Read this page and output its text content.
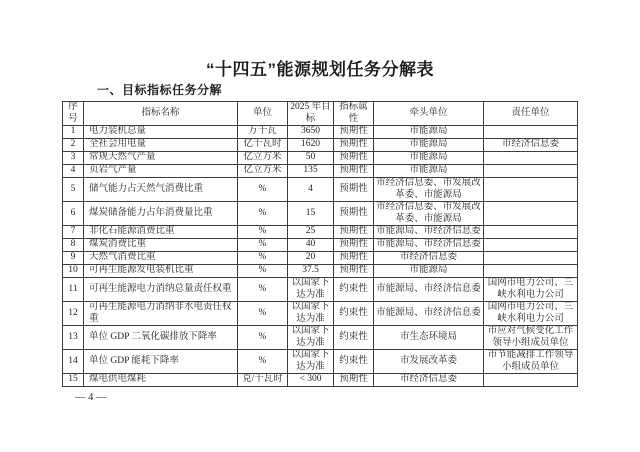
“十四五”能源规划任务分解表
一、目标指标任务分解
序号	指标名称	单位	2025 年目标	指标属性	牵头单位	责任单位
1	电力装机总量	万千瓦	3650	预期性	市能源局	
2	全社会用电量	亿千瓦时	1620	预期性	市能源局	市经济信息委
3	常规天然气产量	亿立方米	50	预期性	市能源局	
4	页岩气产量	亿立方米	135	预期性	市能源局	
5	储气能力占天然气消费比重	%	4	预期性	市经济信息委、市发展改革委、市能源局	
6	煤炭储备能力占年消费量比重	%	15	预期性	市经济信息委、市发展改革委、市能源局	
7	非化石能源消费比重	%	25	预期性	市能源局、市经济信息委	
8	煤炭消费比重	%	40	预期性	市能源局、市经济信息委	
9	天然气消费比重	%	20	预期性	市经济信息委	
10	可再生能源发电装机比重	%	37.5	预期性	市能源局	
11	可再生能源电力消纳总量责任权重	%	以国家下达为准	约束性	市能源局、市经济信息委	国网市电力公司、三峡水利电力公司
12	可再生能源电力消纳非水电责任权重	%	以国家下达为准	约束性	市能源局、市经济信息委	国网市电力公司、三峡水利电力公司
13	单位 GDP 二氧化碳排放下降率	%	以国家下达为准	约束性	市生态环境局	市应对气候变化工作领导小组成员单位
14	单位 GDP 能耗下降率	%	以国家下达为准	约束性	市发展改革委	市节能减排工作领导小组成员单位
15	煤电供电煤耗	克/千瓦时	< 300	预期性	市经济信息委	
— 4 —
